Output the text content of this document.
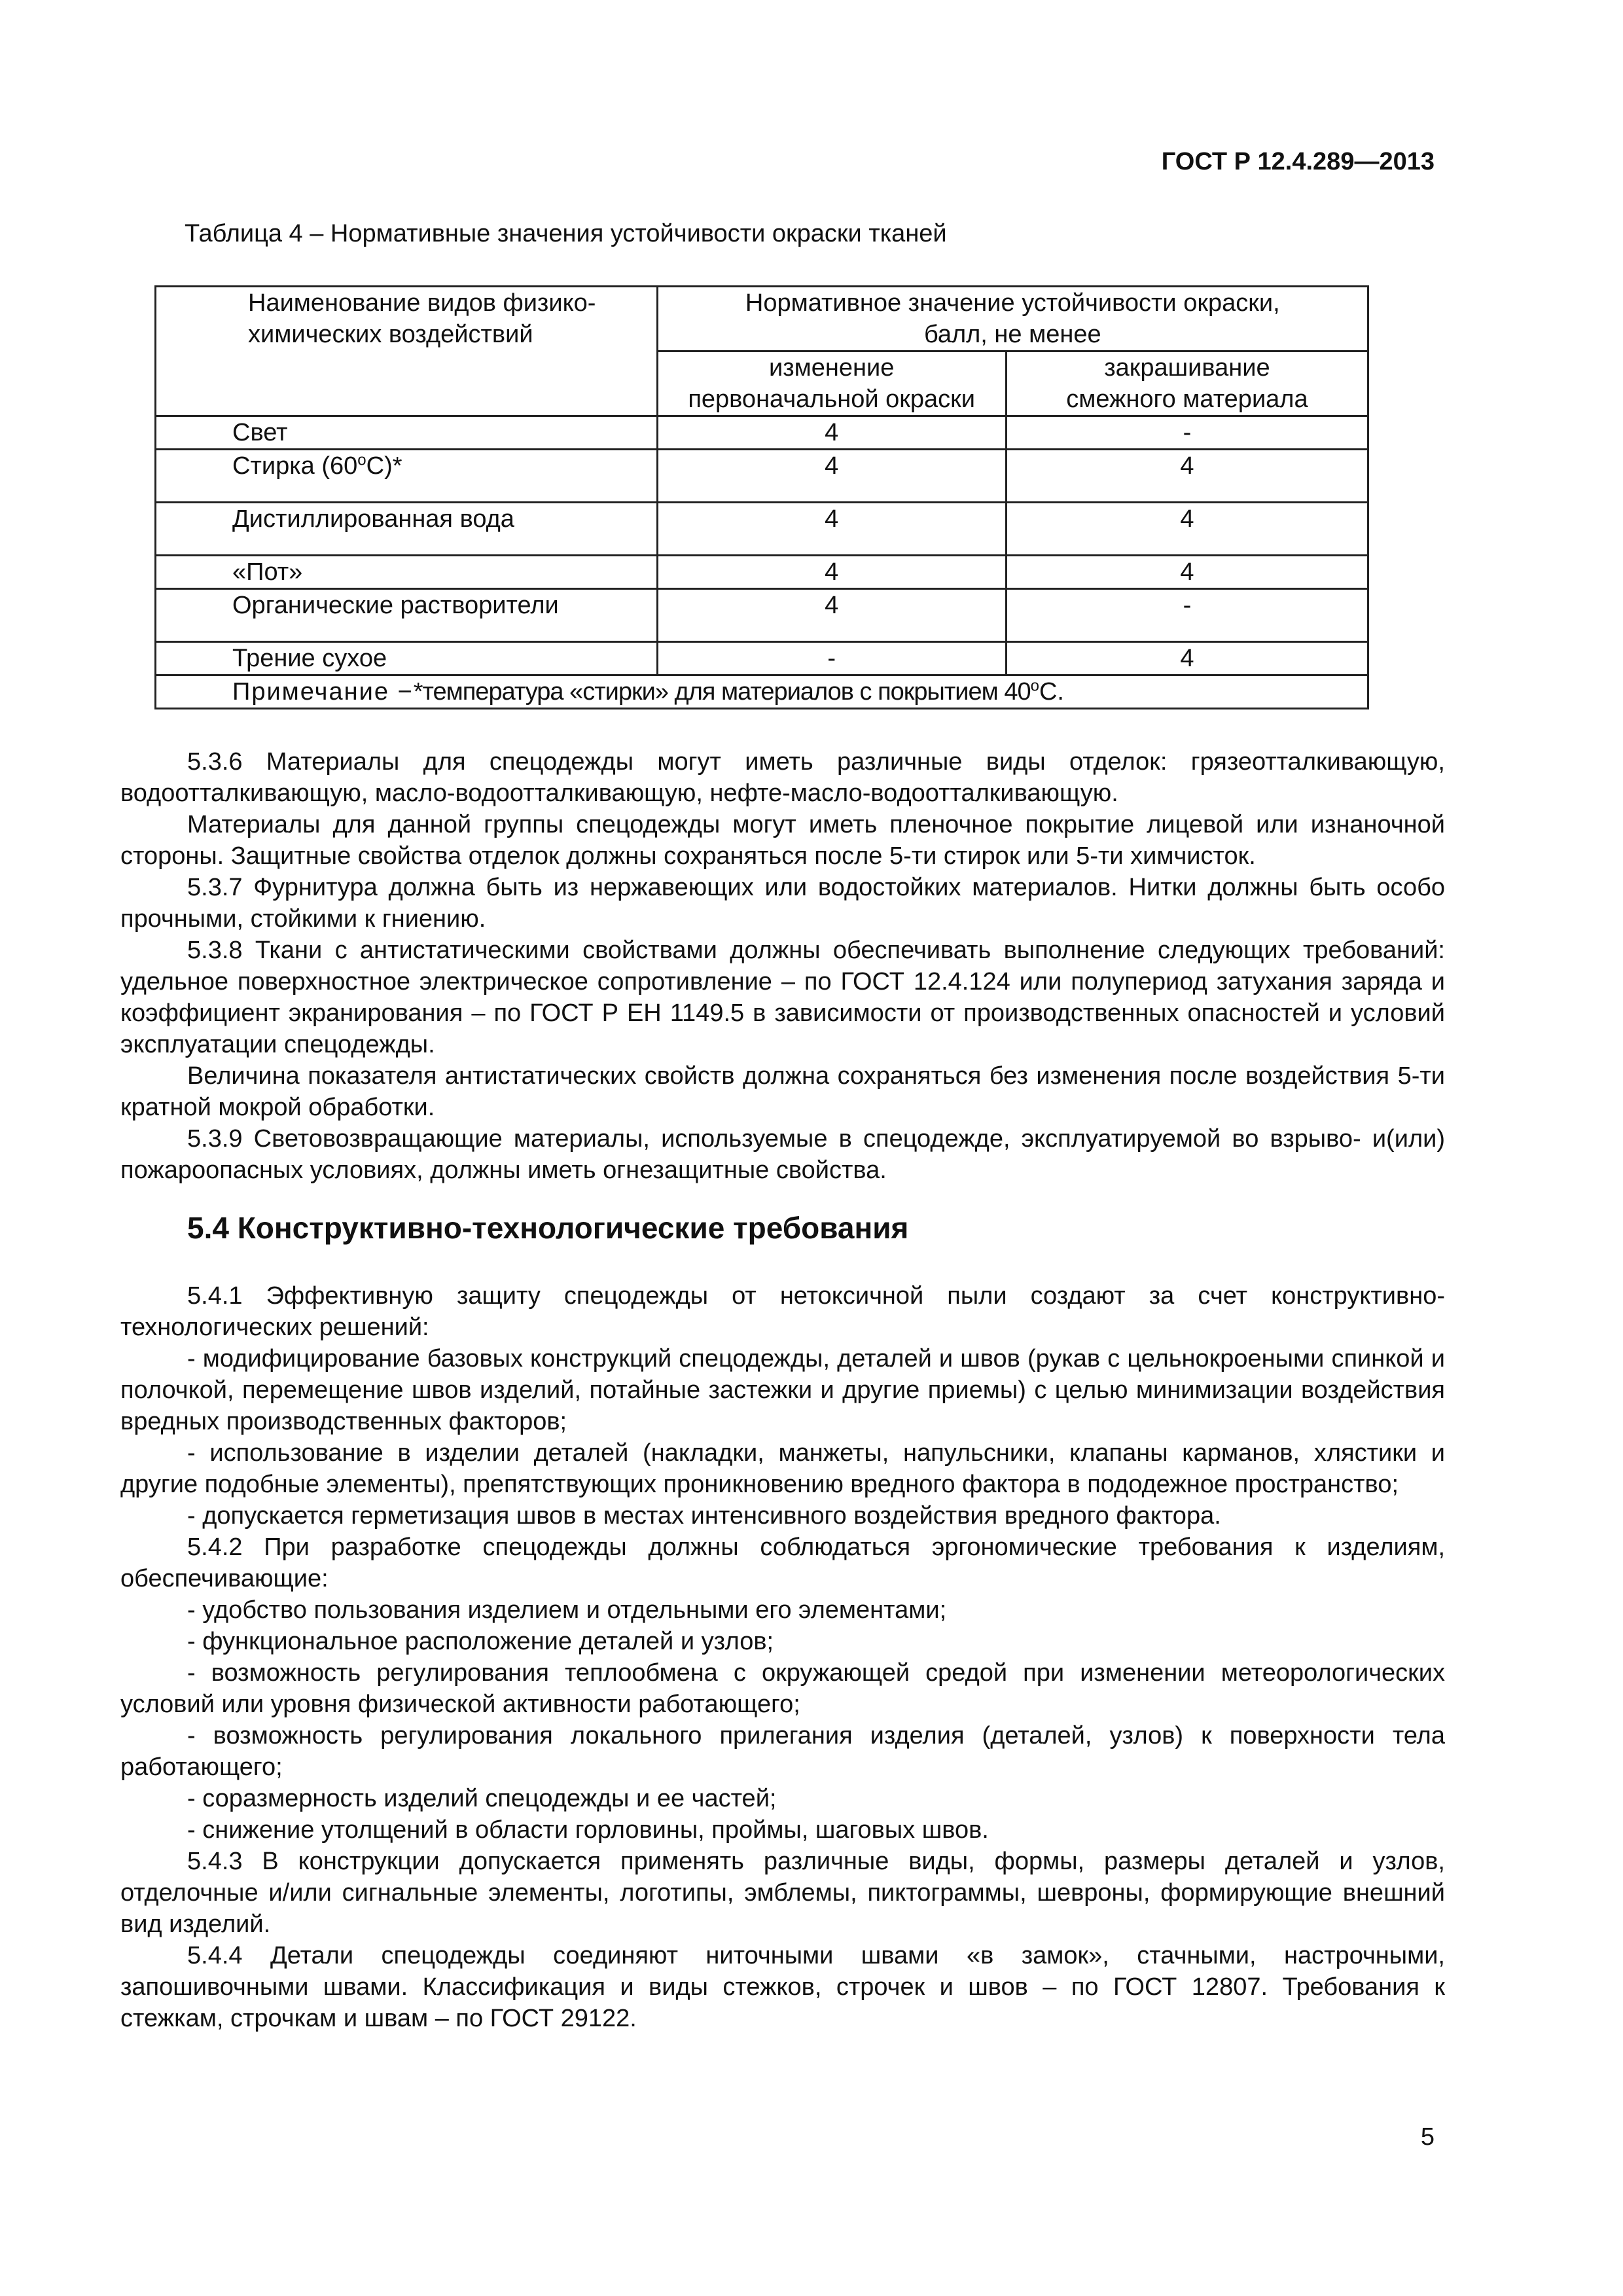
ГОСТ Р 12.4.289—2013
Таблица 4 – Нормативные значения устойчивости окраски тканей
Наименование видов физико-химических воздействий	Нормативное значение устойчивости окраски, балл, не менее	
	изменение первоначальной окраски	закрашивание смежного материала
Свет	4	-
Стирка $(60^оС)*$	4	4
Дистиллированная вода	4	4
«Пот»	4	4
Органические растворители	4	-
Трение сухое	-	4
Примечание −*температура «стирки» для материалов с покрытием $40^оС$.		

5.3.6 Материалы для спецодежды могут иметь различные виды отделок: грязеотталкивающую, водоотталкивающую, масло-водоотталкивающую, нефте-масло-водоотталкивающую.

Материалы для данной группы спецодежды могут иметь пленочное покрытие лицевой или изнаночной стороны. Защитные свойства отделок должны сохраняться после 5-ти стирок или 5-ти химчисток.

5.3.7 Фурнитура должна быть из нержавеющих или водостойких материалов. Нитки должны быть особо прочными, стойкими к гниению.

5.3.8 Ткани с антистатическими свойствами должны обеспечивать выполнение следующих требований: удельное поверхностное электрическое сопротивление – по ГОСТ 12.4.124 или полупериод затухания заряда и коэффициент экранирования – по ГОСТ Р ЕН 1149.5 в зависимости от производственных опасностей и условий эксплуатации спецодежды.

Величина показателя антистатических свойств должна сохраняться без изменения после воздействия 5-ти кратной мокрой обработки.

5.3.9 Световозвращающие материалы, используемые в спецодежде, эксплуатируемой во взрыво- и(или) пожароопасных условиях, должны иметь огнезащитные свойства.

5.4 Конструктивно-технологические требования

5.4.1 Эффективную защиту спецодежды от нетоксичной пыли создают за счет конструктивно-технологических решений:

- модифицирование базовых конструкций спецодежды, деталей и швов (рукав с цельнокроеными спинкой и полочкой, перемещение швов изделий, потайные застежки и другие приемы) с целью минимизации воздействия вредных производственных факторов;

- использование в изделии деталей (накладки, манжеты, напульсники, клапаны карманов, хлястики и другие подобные элементы), препятствующих проникновению вредного фактора в пододежное пространство;

- допускается герметизация швов в местах интенсивного воздействия вредного фактора.

5.4.2 При разработке спецодежды должны соблюдаться эргономические требования к изделиям, обеспечивающие:

- удобство пользования изделием и отдельными его элементами;

- функциональное расположение деталей и узлов;

- возможность регулирования теплообмена с окружающей средой при изменении метеорологических условий или уровня физической активности работающего;

- возможность регулирования локального прилегания изделия (деталей, узлов) к поверхности тела работающего;

- соразмерность изделий спецодежды и ее частей;

- снижение утолщений в области горловины, проймы, шаговых швов.

5.4.3 В конструкции допускается применять различные виды, формы, размеры деталей и узлов, отделочные и/или сигнальные элементы, логотипы, эмблемы, пиктограммы, шевроны, формирующие внешний вид изделий.

5.4.4 Детали спецодежды соединяют ниточными швами «в замок», стачными, настрочными, запошивочными швами. Классификация и виды стежков, строчек и швов – по ГОСТ 12807. Требования к стежкам, строчкам и швам – по ГОСТ 29122.

5
